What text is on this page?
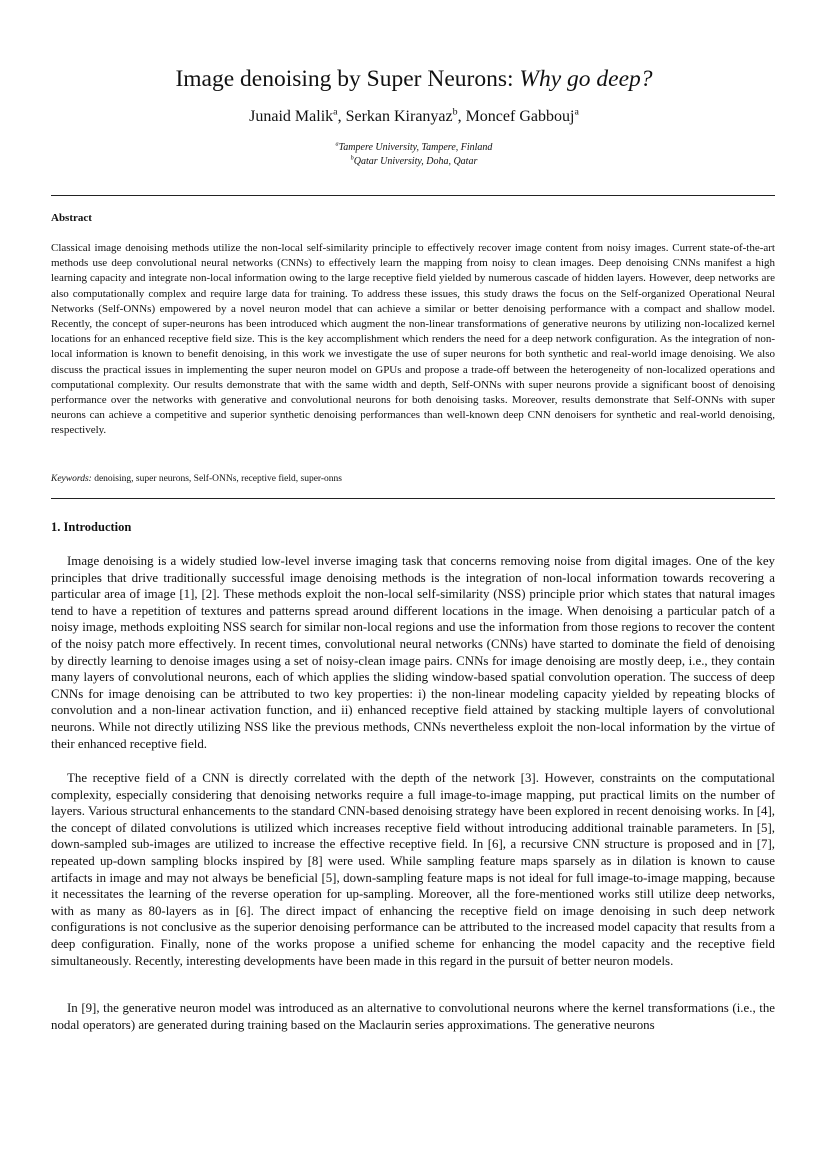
Image denoising by Super Neurons: Why go deep?
Junaid Malik$^a$, Serkan Kiranyaz$^b$, Moncef Gabbouj$^a$
$^a$Tampere University, Tampere, Finland
$^b$Qatar University, Doha, Qatar
Abstract

Classical image denoising methods utilize the non-local self-similarity principle to effectively recover image content from noisy images. Current state-of-the-art methods use deep convolutional neural networks (CNNs) to effectively learn the mapping from noisy to clean images. Deep denoising CNNs manifest a high learning capacity and integrate non-local information owing to the large receptive field yielded by numerous cascade of hidden layers. However, deep networks are also computationally complex and require large data for training. To address these issues, this study draws the focus on the Self-organized Operational Neural Networks (Self-ONNs) empowered by a novel neuron model that can achieve a similar or better denoising performance with a compact and shallow model. Recently, the concept of super-neurons has been introduced which augment the non-linear transformations of generative neurons by utilizing non-localized kernel locations for an enhanced receptive field size. This is the key accomplishment which renders the need for a deep network configuration. As the integration of non-local information is known to benefit denoising, in this work we investigate the use of super neurons for both synthetic and real-world image denoising. We also discuss the practical issues in implementing the super neuron model on GPUs and propose a trade-off between the heterogeneity of non-localized operations and computational complexity. Our results demonstrate that with the same width and depth, Self-ONNs with super neurons provide a significant boost of denoising performance over the networks with generative and convolutional neurons for both denoising tasks. Moreover, results demonstrate that Self-ONNs with super neurons can achieve a competitive and superior synthetic denoising performances than well-known deep CNN denoisers for synthetic and real-world denoising, respectively.

Keywords: denoising, super neurons, Self-ONNs, receptive field, super-onns
1. Introduction

Image denoising is a widely studied low-level inverse imaging task that concerns removing noise from digital images. One of the key principles that drive traditionally successful image denoising methods is the integration of non-local information towards recovering a particular area of image [1], [2]. These methods exploit the non-local self-similarity (NSS) principle prior which states that natural images tend to have a repetition of textures and patterns spread around different locations in the image. When denoising a particular patch of a noisy image, methods exploiting NSS search for similar non-local regions and use the information from those regions to recover the content of the noisy patch more effectively. In recent times, convolutional neural networks (CNNs) have started to dominate the field of denoising by directly learning to denoise images using a set of noisy-clean image pairs. CNNs for image denoising are mostly deep, i.e., they contain many layers of convolutional neurons, each of which applies the sliding window-based spatial convolution operation. The success of deep CNNs for image denoising can be attributed to two key properties: i) the non-linear modeling capacity yielded by repeating blocks of convolution and a non-linear activation function, and ii) enhanced receptive field attained by stacking multiple layers of convolutional neurons. While not directly utilizing NSS like the previous methods, CNNs nevertheless exploit the non-local information by the virtue of their enhanced receptive field.

The receptive field of a CNN is directly correlated with the depth of the network [3]. However, constraints on the computational complexity, especially considering that denoising networks require a full image-to-image mapping, put practical limits on the number of layers. Various structural enhancements to the standard CNN-based denoising strategy have been explored in recent denoising works. In [4], the concept of dilated convolutions is utilized which increases receptive field without introducing additional trainable parameters. In [5], down-sampled sub-images are utilized to increase the effective receptive field. In [6], a recursive CNN structure is proposed and in [7], repeated up-down sampling blocks inspired by [8] were used. While sampling feature maps sparsely as in dilation is known to cause artifacts in image and may not always be beneficial [5], down-sampling feature maps is not ideal for full image-to-image mapping, because it necessitates the learning of the reverse operation for up-sampling. Moreover, all the fore-mentioned works still utilize deep networks, with as many as 80-layers as in [6]. The direct impact of enhancing the receptive field on image denoising in such deep network configurations is not conclusive as the superior denoising performance can be attributed to the increased model capacity that results from a deep configuration. Finally, none of the works propose a unified scheme for enhancing the model capacity and the receptive field simultaneously. Recently, interesting developments have been made in this regard in the pursuit of better neuron models.

In [9], the generative neuron model was introduced as an alternative to convolutional neurons where the kernel transformations (i.e., the nodal operators) are generated during training based on the Maclaurin series approximations. The generative neurons
